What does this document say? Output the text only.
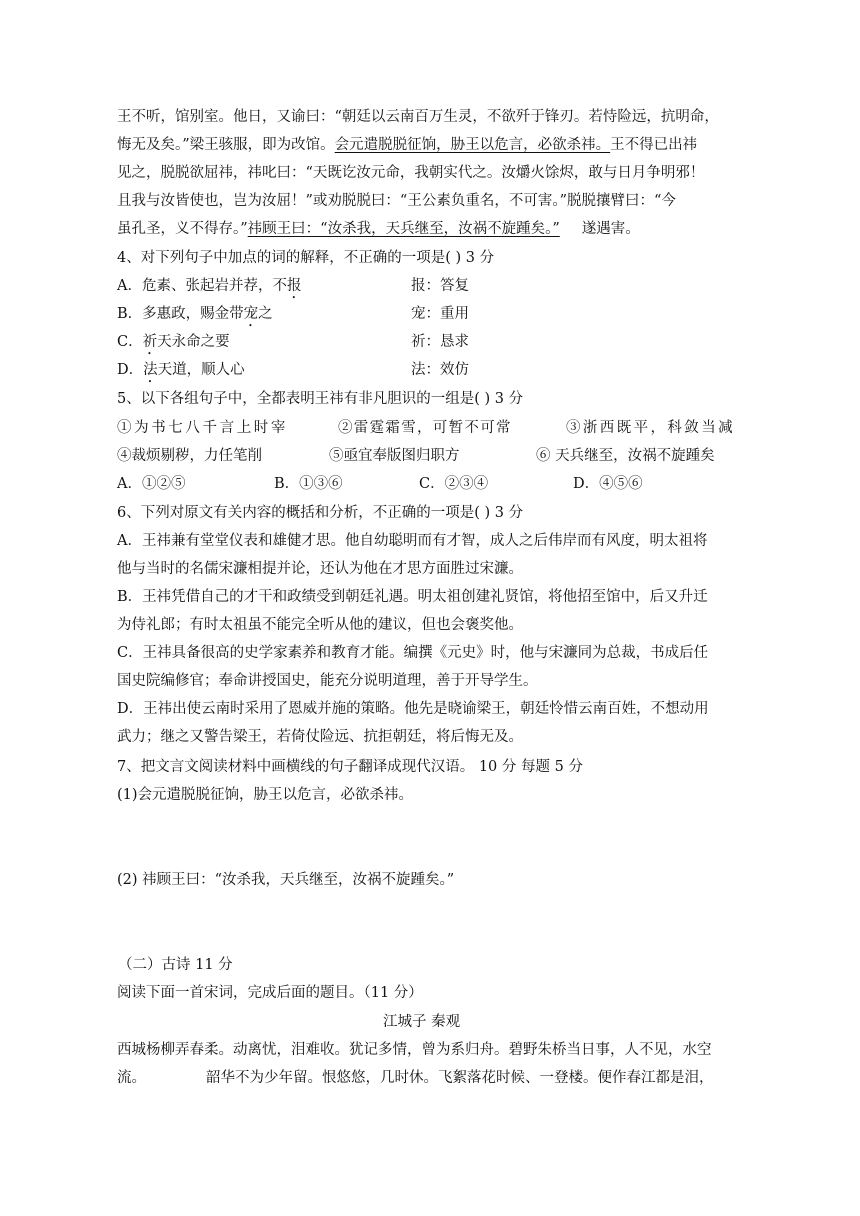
王不听，馆别室。他日，又谕曰：“朝廷以云南百万生灵，不欲歼于锋刃。若恃险远，抗明命，
悔无及矣。”梁王骇服，即为改馆。会元遣脱脱征饷，胁王以危言，必欲杀祎。王不得已出祎
见之，脱脱欲屈祎，祎叱曰：“天既讫汝元命，我朝实代之。汝爝火馀烬，敢与日月争明邪！
且我与汝皆使也，岂为汝屈！”或劝脱脱曰：“王公素负重名，不可害。”脱脱攘臂曰：“今
虽孔圣，义不得存。”祎顾王曰：“汝杀我，天兵继至，汝祸不旋踵矣。” 遂遇害。
4、对下列句子中加点的词的解释，不正确的一项是( ) 3 分
A．危素、张起岩并荐，不报	报：答复
B．多惠政，赐金带宠之	宠：重用
C．祈天永命之要	祈：恳求
D．法天道，顺人心	法：效仿
5、以下各组句子中，全都表明王祎有非凡胆识的一组是( ) 3 分
①为书七八千言上时宰	②雷霆霜雪，可暂不可常	③浙西既平，科敛当减
④裁烦剔秽，力任笔削	⑤亟宜奉版图归职方	⑥ 天兵继至，汝祸不旋踵矣
A．①②⑤	B．①③⑥	C．②③④	D．④⑤⑥
6、下列对原文有关内容的概括和分析，不正确的一项是( ) 3 分
A．王祎兼有堂堂仪表和雄健才思。他自幼聪明而有才智，成人之后伟岸而有风度，明太祖将
他与当时的名儒宋濂相提并论，还认为他在才思方面胜过宋濂。
B．王祎凭借自己的才干和政绩受到朝廷礼遇。明太祖创建礼贤馆，将他招至馆中，后又升迁
为侍礼郎；有时太祖虽不能完全听从他的建议，但也会褒奖他。
C．王祎具备很高的史学家素养和教育才能。编撰《元史》时，他与宋濂同为总裁，书成后任
国史院编修官；奉命讲授国史，能充分说明道理，善于开导学生。
D．王祎出使云南时采用了恩威并施的策略。他先是晓谕梁王，朝廷怜惜云南百姓，不想动用
武力；继之又警告梁王，若倚仗险远、抗拒朝廷，将后悔无及。
7、把文言文阅读材料中画横线的句子翻译成现代汉语。 10 分 每题 5 分
(1)会元遣脱脱征饷，胁王以危言，必欲杀祎。
(2) 祎顾王曰：“汝杀我，天兵继至，汝祸不旋踵矣。”
（二）古诗 11 分
阅读下面一首宋词，完成后面的题目。（11 分）
江城子 秦观
西城杨柳弄春柔。动离忧，泪难收。犹记多情，曾为系归舟。碧野朱桥当日事，人不见，水空
流。	韶华不为少年留。恨悠悠，几时休。飞絮落花时候、一登楼。便作春江都是泪，
